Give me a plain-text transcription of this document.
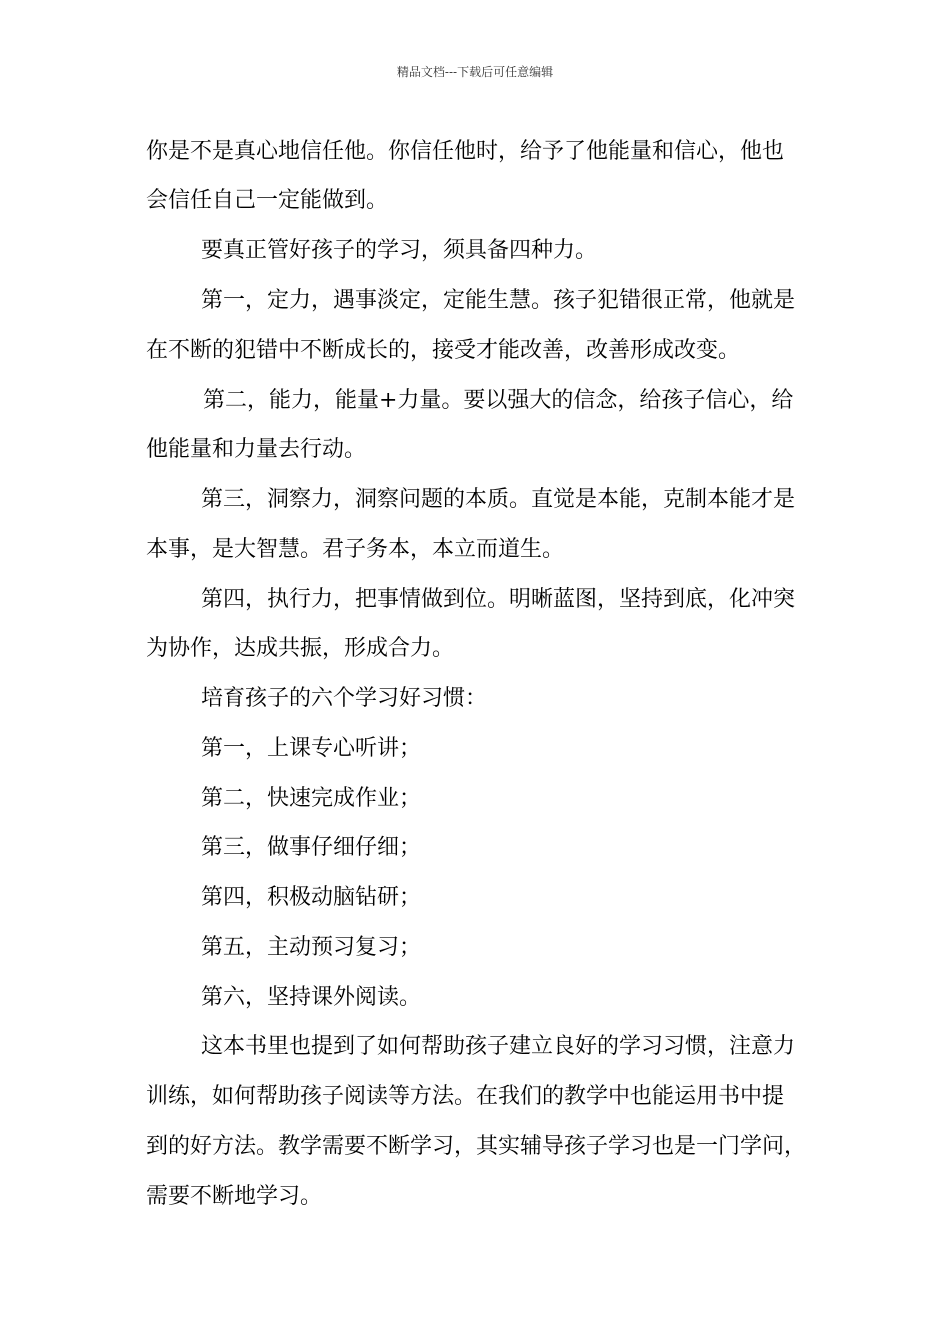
精品文档---下载后可任意编辑
你是不是真心地信任他。你信任他时，给予了他能量和信心，他也
会信任自己一定能做到。
要真正管好孩子的学习，须具备四种力。
第一，定力，遇事淡定，定能生慧。孩子犯错很正常，他就是
在不断的犯错中不断成长的，接受才能改善，改善形成改变。
第二，能力，能量+力量。要以强大的信念，给孩子信心，给
他能量和力量去行动。
第三，洞察力，洞察问题的本质。直觉是本能，克制本能才是
本事，是大智慧。君子务本，本立而道生。
第四，执行力，把事情做到位。明晰蓝图，坚持到底，化冲突
为协作，达成共振，形成合力。
培育孩子的六个学习好习惯：
第一，上课专心听讲；
第二，快速完成作业；
第三，做事仔细仔细；
第四，积极动脑钻研；
第五，主动预习复习；
第六，坚持课外阅读。
这本书里也提到了如何帮助孩子建立良好的学习习惯，注意力
训练，如何帮助孩子阅读等方法。在我们的教学中也能运用书中提
到的好方法。教学需要不断学习，其实辅导孩子学习也是一门学问，
需要不断地学习。
